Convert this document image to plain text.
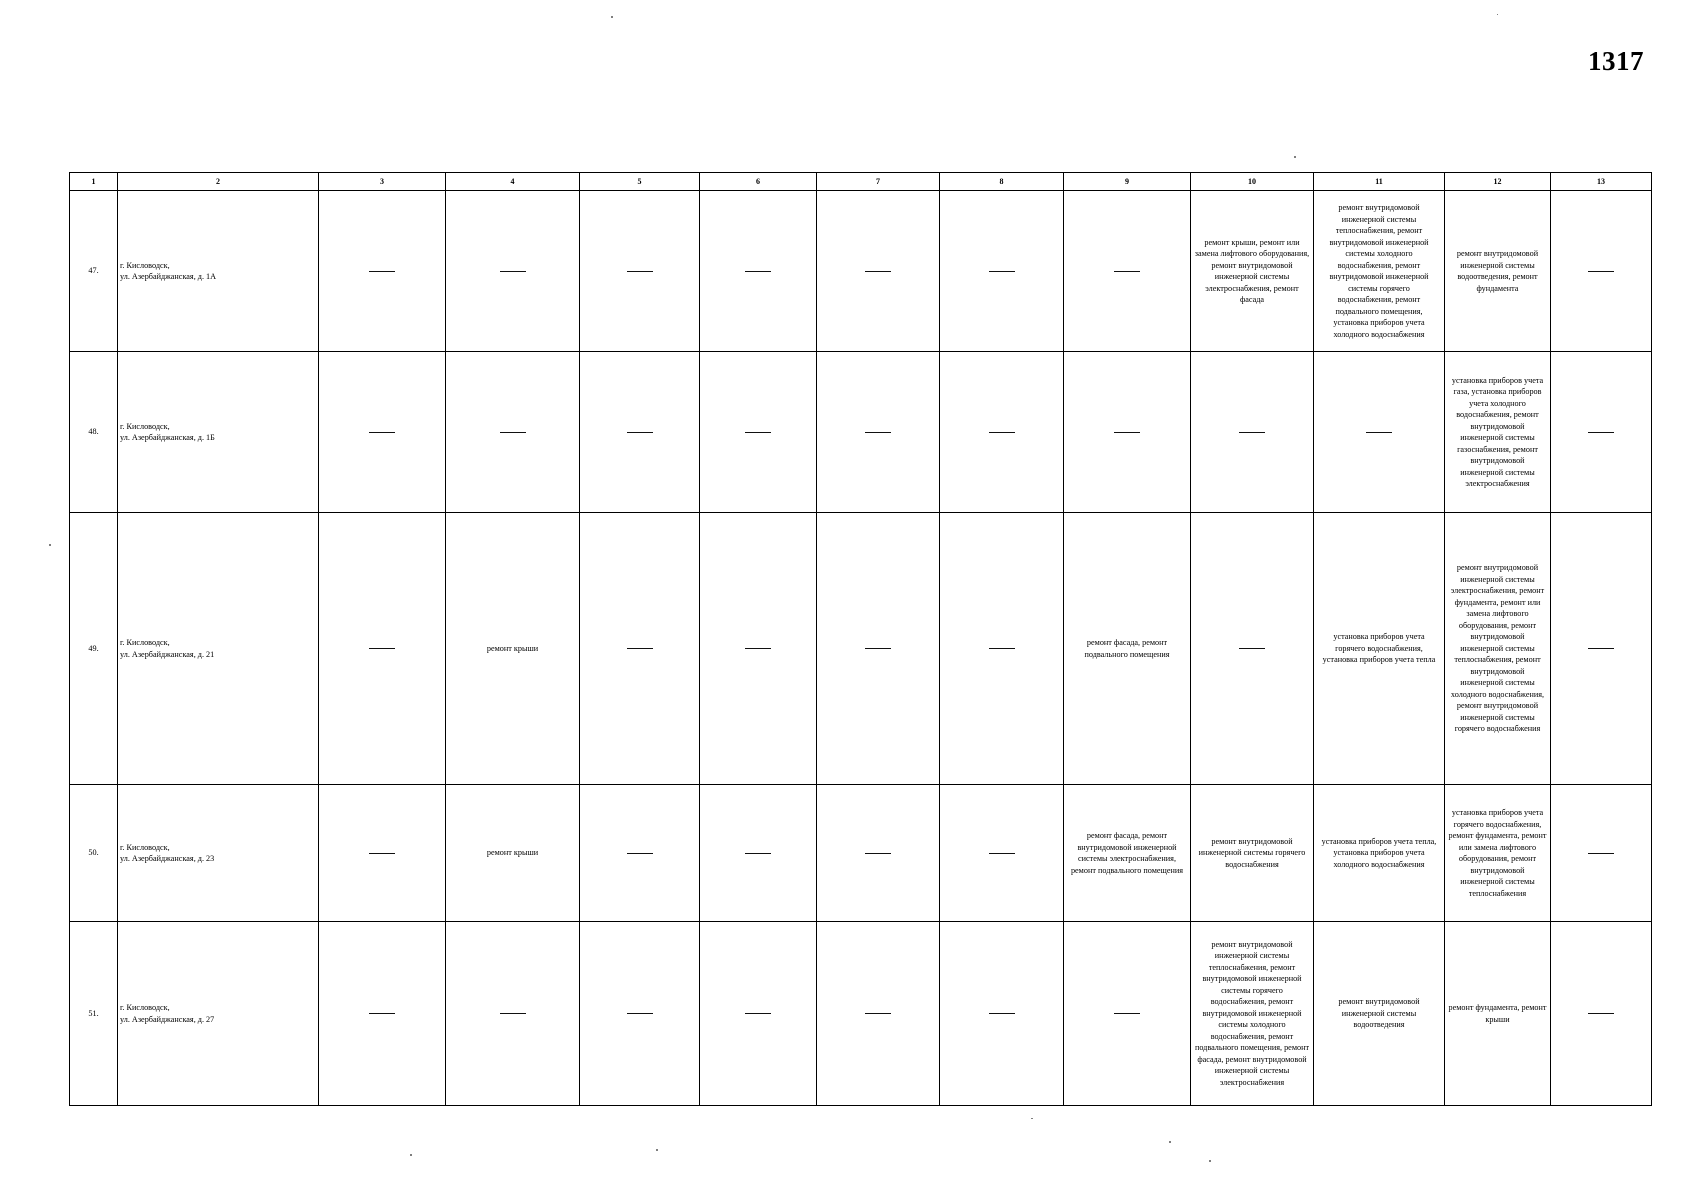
1317
1	2	3	4	5	6	7	8	9	10	11	12	13
47.	г. Кисловодск,
ул. Азербайджанская, д. 1А								ремонт крыши, ремонт или замена лифтового оборудования, ремонт внутридомовой инженерной системы электроснабжения, ремонт фасада	ремонт внутридомовой инженерной системы теплоснабжения, ремонт внутридомовой инженерной системы холодного водоснабжения, ремонт внутридомовой инженерной системы горячего водоснабжения, ремонт подвального помещения, установка приборов учета холодного водоснабжения	ремонт внутридомовой инженерной системы водоотведения, ремонт фундамента	

48.	г. Кисловодск,
ул. Азербайджанская, д. 1Б										установка приборов учета газа, установка приборов учета холодного водоснабжения, ремонт внутридомовой инженерной системы газоснабжения, ремонт внутридомовой инженерной системы электроснабжения	

49.	г. Кисловодск,
ул. Азербайджанская, д. 21		ремонт крыши					ремонт фасада, ремонт подвального помещения		установка приборов учета горячего водоснабжения, установка приборов учета тепла	ремонт внутридомовой инженерной системы электроснабжения, ремонт фундамента, ремонт или замена лифтового оборудования, ремонт внутридомовой инженерной системы теплоснабжения, ремонт внутридомовой инженерной системы холодного водоснабжения, ремонт внутридомовой инженерной системы горячего водоснабжения	

50.	г. Кисловодск,
ул. Азербайджанская, д. 23		ремонт крыши					ремонт фасада, ремонт внутридомовой инженерной системы электроснабжения, ремонт подвального помещения	ремонт внутридомовой инженерной системы горячего водоснабжения	установка приборов учета тепла, установка приборов учета холодного водоснабжения	установка приборов учета горячего водоснабжения, ремонт фундамента, ремонт или замена лифтового оборудования, ремонт внутридомовой инженерной системы теплоснабжения	

51.	г. Кисловодск,
ул. Азербайджанская, д. 27								ремонт внутридомовой инженерной системы теплоснабжения, ремонт внутридомовой инженерной системы горячего водоснабжения, ремонт внутридомовой инженерной системы холодного водоснабжения, ремонт подвального помещения, ремонт фасада, ремонт внутридомовой инженерной системы электроснабжения	ремонт внутридомовой инженерной системы водоотведения	ремонт фундамента, ремонт крыши	
